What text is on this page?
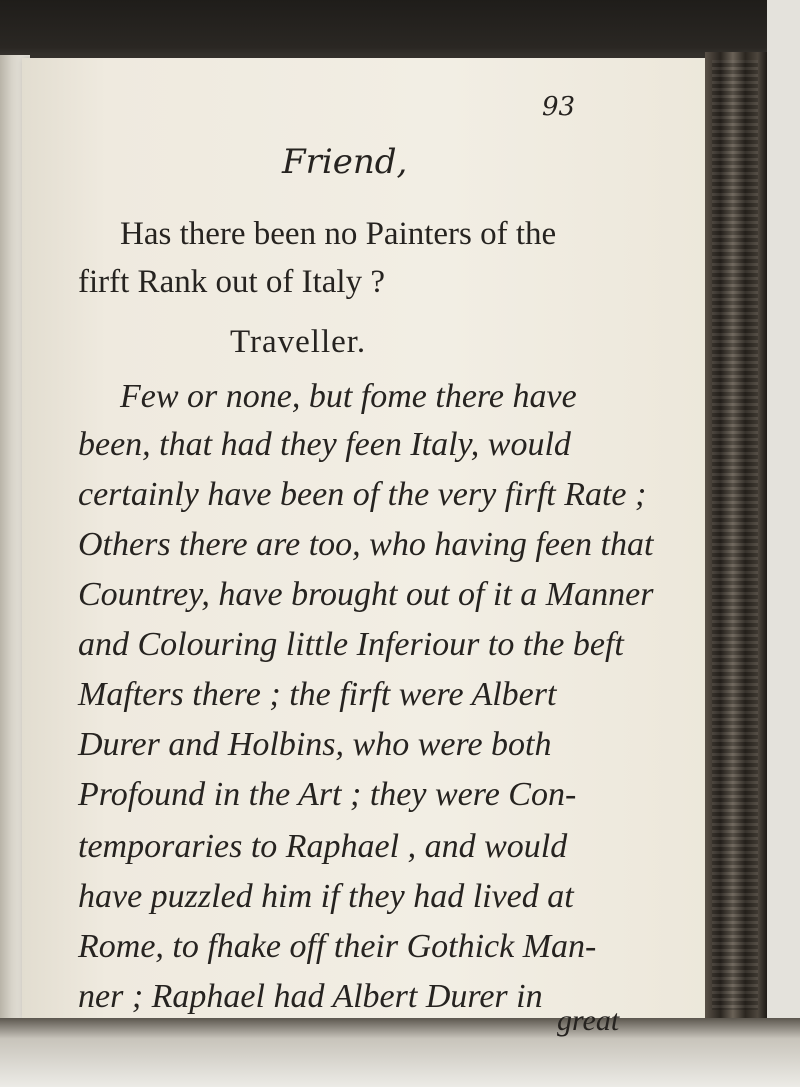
93
Friend,
Has there been no Painters of the
firft Rank out of Italy ?
Traveller.
Few or none, but fome there have
been, that had they feen Italy, would
certainly have been of the very firft Rate ;
Others there are too, who having feen that
Countrey, have brought out of it a Manner
and Colouring little Inferiour to the beft
Mafters there ; the firft were Albert
Durer and Holbins, who were both
Profound in the Art ; they were Con-
temporaries to Raphael , and would
have puzzled him if they had lived at
Rome, to fhake off their Gothick Man-
ner ; Raphael had Albert Durer in
great
